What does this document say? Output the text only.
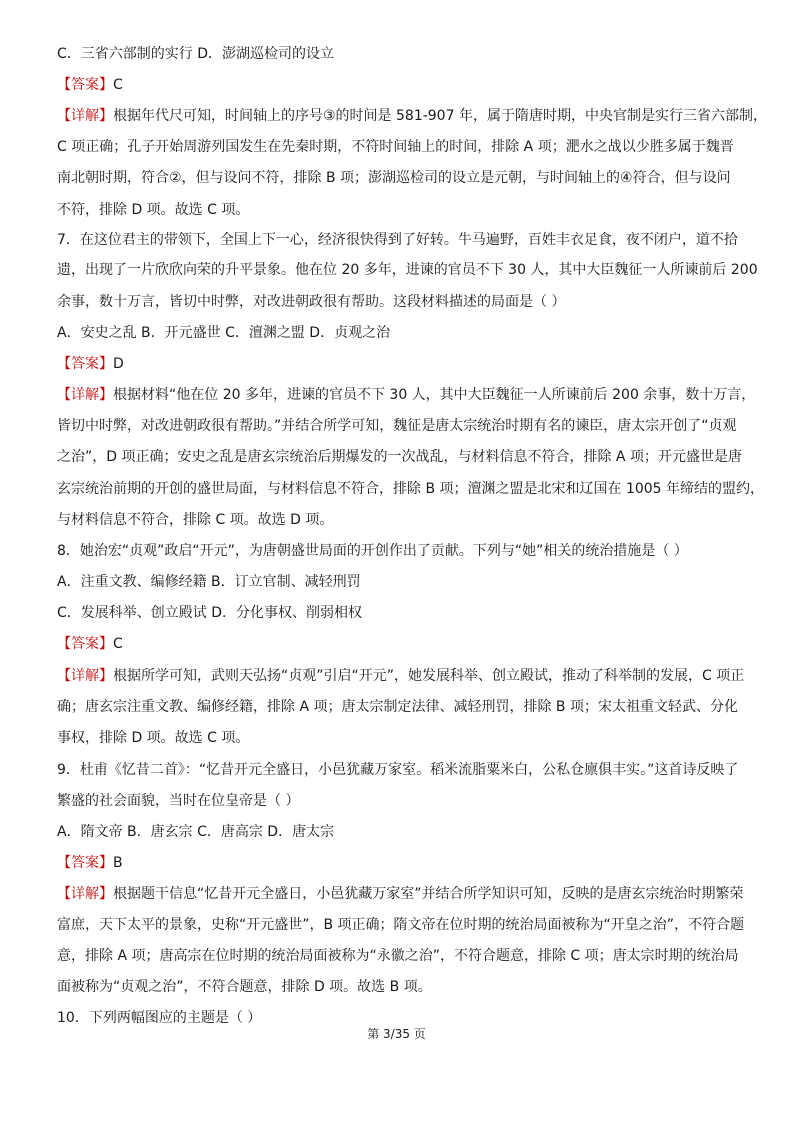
C．三省六部制的实行 D．澎湖巡检司的设立
【答案】C
【详解】根据年代尺可知，时间轴上的序号③的时间是 581-907 年，属于隋唐时期，中央官制是实行三省六部制，
C 项正确；孔子开始周游列国发生在先秦时期，不符时间轴上的时间，排除 A 项；淝水之战以少胜多属于魏晋
南北朝时期，符合②，但与设问不符，排除 B 项；澎湖巡检司的设立是元朝，与时间轴上的④符合，但与设问
不符，排除 D 项。故选 C 项。
7．在这位君主的带领下，全国上下一心，经济很快得到了好转。牛马遍野，百姓丰衣足食，夜不闭户，道不拾
遗，出现了一片欣欣向荣的升平景象。他在位 20 多年，进谏的官员不下 30 人，其中大臣魏征一人所谏前后 200
余事，数十万言，皆切中时弊，对改进朝政很有帮助。这段材料描述的局面是（ ）
A．安史之乱 B．开元盛世 C．澶渊之盟 D．贞观之治
【答案】D
【详解】根据材料“他在位 20 多年，进谏的官员不下 30 人，其中大臣魏征一人所谏前后 200 余事，数十万言，
皆切中时弊，对改进朝政很有帮助。”并结合所学可知，魏征是唐太宗统治时期有名的谏臣，唐太宗开创了“贞观
之治”，D 项正确；安史之乱是唐玄宗统治后期爆发的一次战乱，与材料信息不符合，排除 A 项；开元盛世是唐
玄宗统治前期的开创的盛世局面，与材料信息不符合，排除 B 项；澶渊之盟是北宋和辽国在 1005 年缔结的盟约，
与材料信息不符合，排除 C 项。故选 D 项。
8．她治宏“贞观”政启“开元”，为唐朝盛世局面的开创作出了贡献。下列与“她”相关的统治措施是（ ）
A．注重文教、编修经籍 B．订立官制、减轻刑罚
C．发展科举、创立殿试 D．分化事权、削弱相权
【答案】C
【详解】根据所学可知，武则天弘扬“贞观”引启“开元”，她发展科举、创立殿试，推动了科举制的发展，C 项正
确；唐玄宗注重文教、编修经籍，排除 A 项；唐太宗制定法律、减轻刑罚，排除 B 项；宋太祖重文轻武、分化
事权，排除 D 项。故选 C 项。
9．杜甫《忆昔二首》：“忆昔开元全盛日，小邑犹藏万家室。稻米流脂粟米白，公私仓廪俱丰实。”这首诗反映了
繁盛的社会面貌，当时在位皇帝是（ ）
A．隋文帝 B．唐玄宗 C．唐高宗 D．唐太宗
【答案】B
【详解】根据题干信息“忆昔开元全盛日，小邑犹藏万家室”并结合所学知识可知，反映的是唐玄宗统治时期繁荣
富庶，天下太平的景象，史称“开元盛世”，B 项正确；隋文帝在位时期的统治局面被称为“开皇之治”，不符合题
意，排除 A 项；唐高宗在位时期的统治局面被称为“永徽之治”，不符合题意，排除 C 项；唐太宗时期的统治局
面被称为“贞观之治”，不符合题意，排除 D 项。故选 B 项。
10．下列两幅图应的主题是（ ）
第 3/35 页
